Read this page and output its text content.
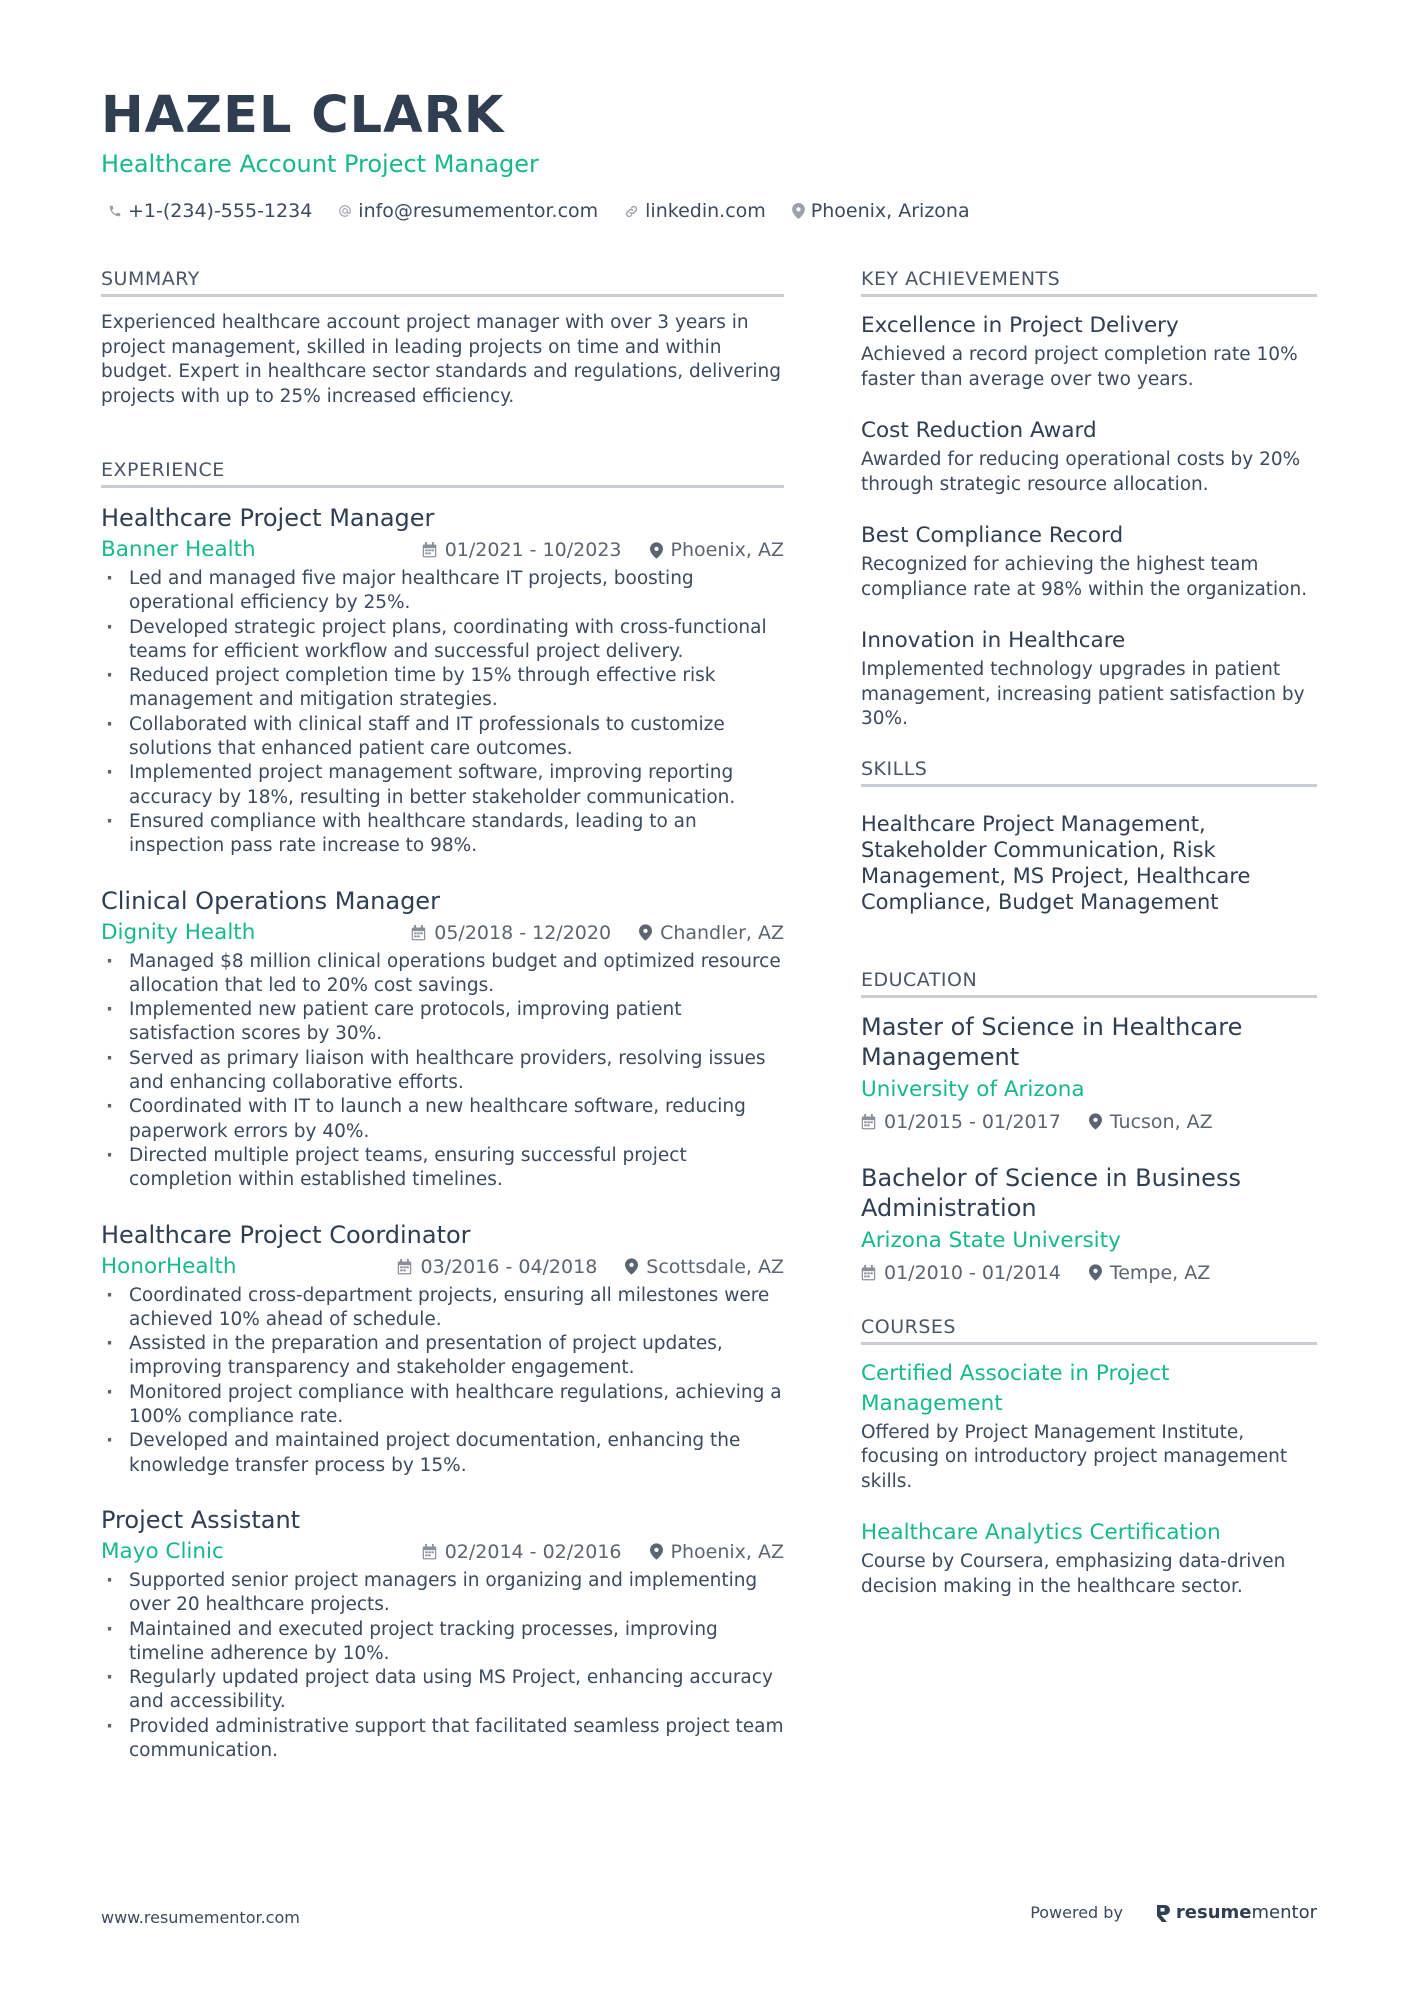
HAZEL CLARK
Healthcare Account Project Manager
+1-(234)-555-1234 info@resumementor.com linkedin.com Phoenix, Arizona
SUMMARY
Experienced healthcare account project manager with over 3 years in project management, skilled in leading projects on time and within budget. Expert in healthcare sector standards and regulations, delivering projects with up to 25% increased efficiency.
EXPERIENCE
Healthcare Project Manager
Banner Health	01/2021 - 10/2023	Phoenix, AZ
· Led and managed five major healthcare IT projects, boosting operational efficiency by 25%.
· Developed strategic project plans, coordinating with cross-functional teams for efficient workflow and successful project delivery.
· Reduced project completion time by 15% through effective risk management and mitigation strategies.
· Collaborated with clinical staff and IT professionals to customize solutions that enhanced patient care outcomes.
· Implemented project management software, improving reporting accuracy by 18%, resulting in better stakeholder communication.
· Ensured compliance with healthcare standards, leading to an inspection pass rate increase to 98%.
Clinical Operations Manager
Dignity Health	05/2018 - 12/2020	Chandler, AZ
· Managed $8 million clinical operations budget and optimized resource allocation that led to 20% cost savings.
· Implemented new patient care protocols, improving patient satisfaction scores by 30%.
· Served as primary liaison with healthcare providers, resolving issues and enhancing collaborative efforts.
· Coordinated with IT to launch a new healthcare software, reducing paperwork errors by 40%.
· Directed multiple project teams, ensuring successful project completion within established timelines.
Healthcare Project Coordinator
HonorHealth	03/2016 - 04/2018	Scottsdale, AZ
· Coordinated cross-department projects, ensuring all milestones were achieved 10% ahead of schedule.
· Assisted in the preparation and presentation of project updates, improving transparency and stakeholder engagement.
· Monitored project compliance with healthcare regulations, achieving a 100% compliance rate.
· Developed and maintained project documentation, enhancing the knowledge transfer process by 15%.
Project Assistant
Mayo Clinic	02/2014 - 02/2016	Phoenix, AZ
· Supported senior project managers in organizing and implementing over 20 healthcare projects.
· Maintained and executed project tracking processes, improving timeline adherence by 10%.
· Regularly updated project data using MS Project, enhancing accuracy and accessibility.
· Provided administrative support that facilitated seamless project team communication.
KEY ACHIEVEMENTS
Excellence in Project Delivery
Achieved a record project completion rate 10% faster than average over two years.
Cost Reduction Award
Awarded for reducing operational costs by 20% through strategic resource allocation.
Best Compliance Record
Recognized for achieving the highest team compliance rate at 98% within the organization.
Innovation in Healthcare
Implemented technology upgrades in patient management, increasing patient satisfaction by 30%.
SKILLS
Healthcare Project Management, Stakeholder Communication, Risk Management, MS Project, Healthcare Compliance, Budget Management
EDUCATION
Master of Science in Healthcare Management
University of Arizona
01/2015 - 01/2017	Tucson, AZ
Bachelor of Science in Business Administration
Arizona State University
01/2010 - 01/2014	Tempe, AZ
COURSES
Certified Associate in Project Management
Offered by Project Management Institute, focusing on introductory project management skills.
Healthcare Analytics Certification
Course by Coursera, emphasizing data-driven decision making in the healthcare sector.
www.resumementor.com	Powered by	resume mentor
